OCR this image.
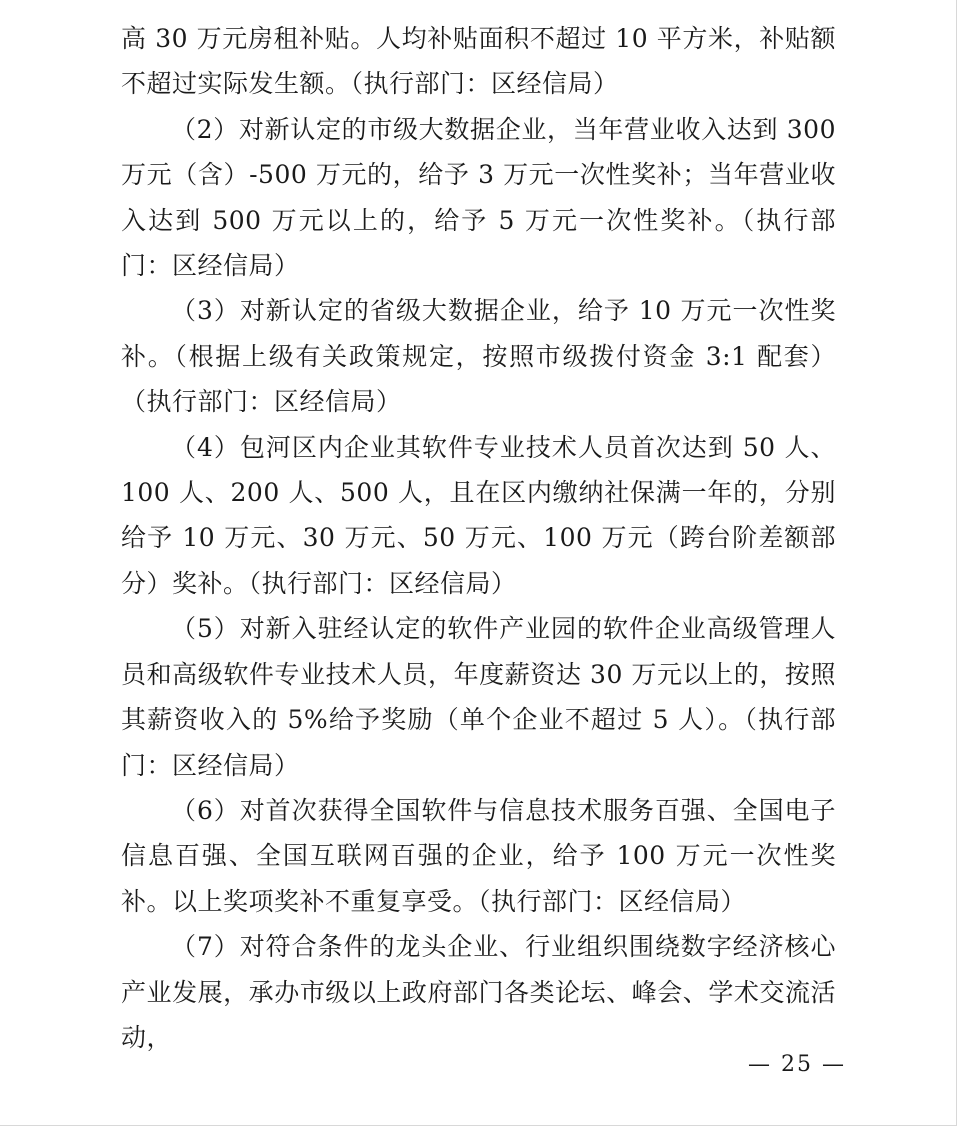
高 30 万元房租补贴。人均补贴面积不超过 10 平方米，补贴额不超过实际发生额。（执行部门：区经信局）

（2）对新认定的市级大数据企业，当年营业收入达到 300 万元（含）-500 万元的，给予 3 万元一次性奖补；当年营业收入达到 500 万元以上的，给予 5 万元一次性奖补。（执行部门：区经信局）

（3）对新认定的省级大数据企业，给予 10 万元一次性奖补。（根据上级有关政策规定，按照市级拨付资金 3:1 配套）（执行部门：区经信局）

（4）包河区内企业其软件专业技术人员首次达到 50 人、100 人、200 人、500 人，且在区内缴纳社保满一年的，分别给予 10 万元、30 万元、50 万元、100 万元（跨台阶差额部分）奖补。（执行部门：区经信局）

（5）对新入驻经认定的软件产业园的软件企业高级管理人员和高级软件专业技术人员，年度薪资达 30 万元以上的，按照其薪资收入的 5%给予奖励（单个企业不超过 5 人）。（执行部门：区经信局）

（6）对首次获得全国软件与信息技术服务百强、全国电子信息百强、全国互联网百强的企业，给予 100 万元一次性奖补。以上奖项奖补不重复享受。（执行部门：区经信局）

（7）对符合条件的龙头企业、行业组织围绕数字经济核心产业发展，承办市级以上政府部门各类论坛、峰会、学术交流活动，

— 25 —
